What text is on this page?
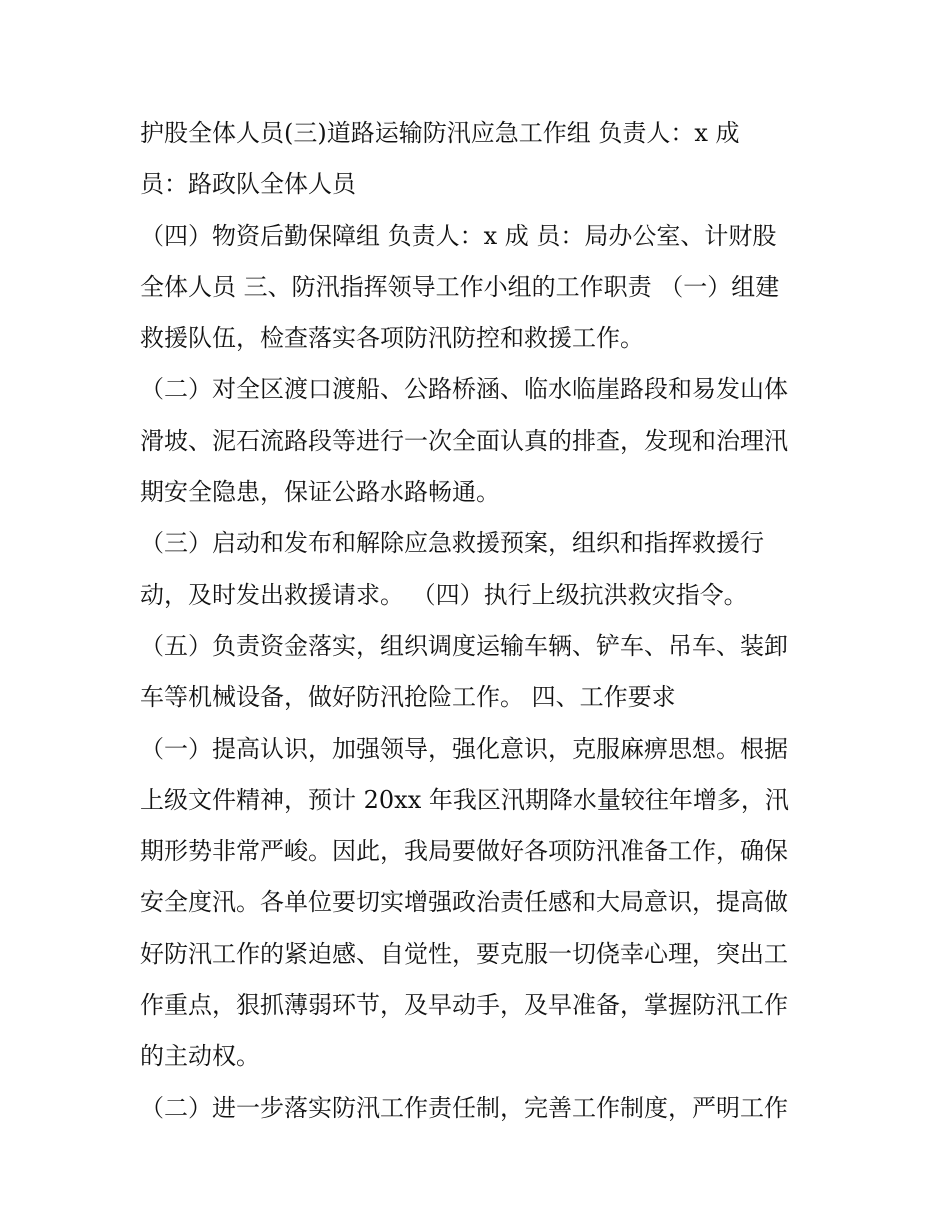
护股全体人员(三)道路运输防汛应急工作组 负责人：x 成
员：路政队全体人员
（四）物资后勤保障组 负责人：x 成 员：局办公室、计财股
全体人员 三、防汛指挥领导工作小组的工作职责 （一）组建
救援队伍，检查落实各项防汛防控和救援工作。
（二）对全区渡口渡船、公路桥涵、临水临崖路段和易发山体
滑坡、泥石流路段等进行一次全面认真的排查，发现和治理汛
期安全隐患，保证公路水路畅通。
（三）启动和发布和解除应急救援预案，组织和指挥救援行
动，及时发出救援请求。 （四）执行上级抗洪救灾指令。
（五）负责资金落实，组织调度运输车辆、铲车、吊车、装卸
车等机械设备，做好防汛抢险工作。 四、工作要求
（一）提高认识，加强领导，强化意识，克服麻痹思想。根据
上级文件精神，预计 20xx 年我区汛期降水量较往年增多，汛
期形势非常严峻。因此，我局要做好各项防汛准备工作，确保
安全度汛。各单位要切实增强政治责任感和大局意识，提高做
好防汛工作的紧迫感、自觉性，要克服一切侥幸心理，突出工
作重点，狠抓薄弱环节，及早动手，及早准备，掌握防汛工作
的主动权。
（二）进一步落实防汛工作责任制，完善工作制度，严明工作
